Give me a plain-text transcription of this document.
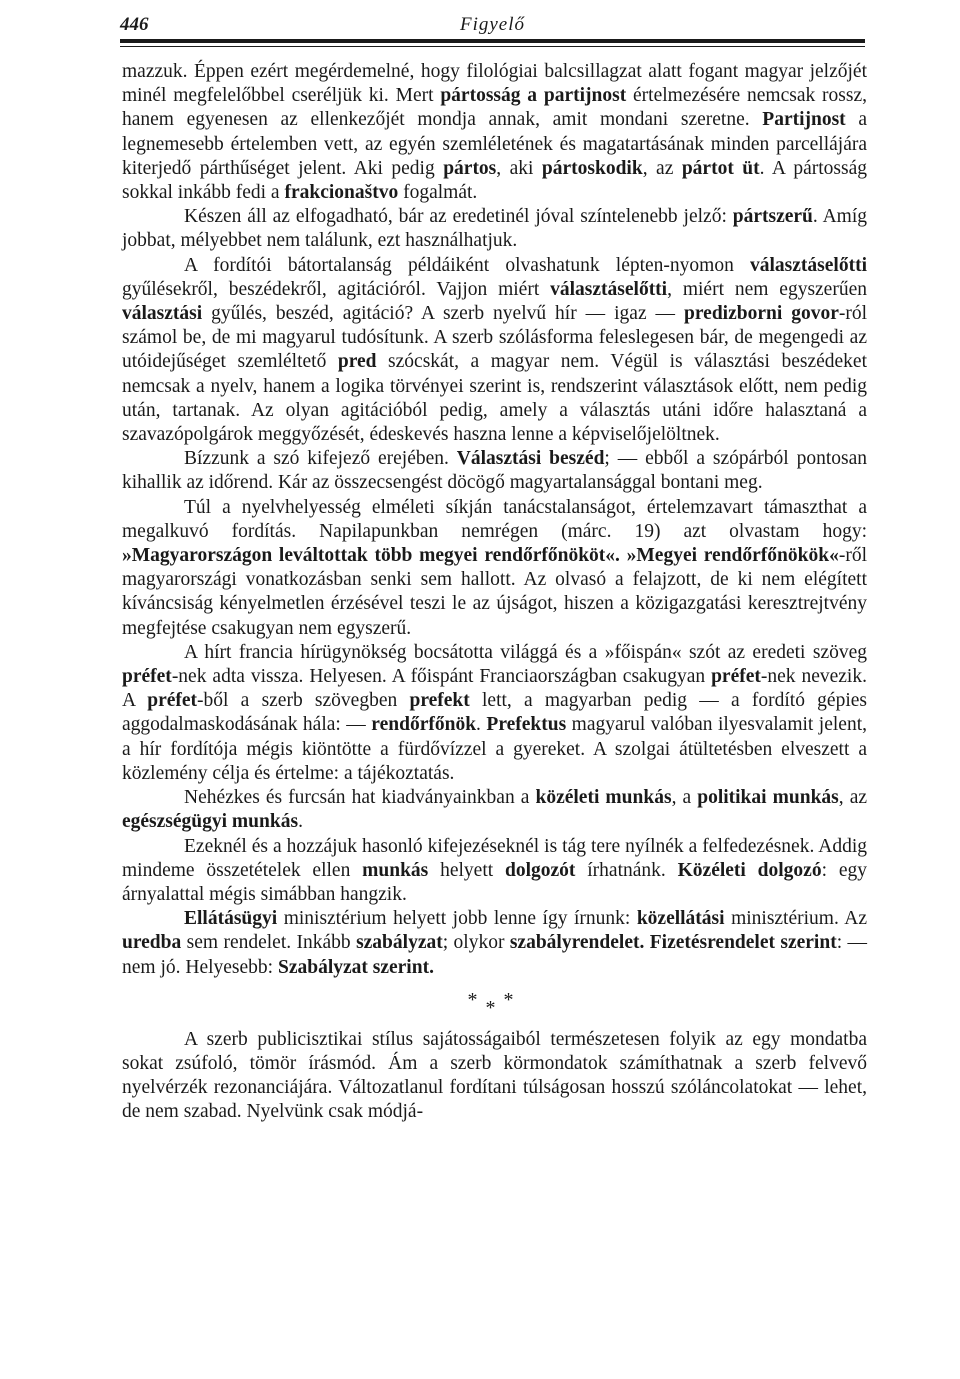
446	Figyelő

mazzuk. Éppen ezért megérdemelné, hogy filológiai balcsillagzat alatt fogant magyar jelzőjét minél megfelelőbbel cseréljük ki. Mert pártosság a partijnost értelmezésére nemcsak rossz, hanem egyenesen az ellenkezőjét mondja annak, amit mondani szeretne. Partijnost a legnemesebb értelemben vett, az egyén szemléletének és magatartásának minden parcellájára kiterjedő párthűséget jelent. Aki pedig pártos, aki pártoskodik, az pártot üt. A pártosság sokkal inkább fedi a frakcionaštvo fogalmát.

Készen áll az elfogadható, bár az eredetinél jóval színtelenebb jelző: pártszerű. Amíg jobbat, mélyebbet nem találunk, ezt használhatjuk.

A fordítói bátortalanság példáiként olvashatunk lépten-nyomon választáselőtti gyűlésekről, beszédekről, agitációról. Vajjon miért választáselőtti, miért nem egyszerűen választási gyűlés, beszéd, agitáció? A szerb nyelvű hír — igaz — predizborni govor-ról számol be, de mi magyarul tudósítunk. A szerb szólásforma feleslegesen bár, de megengedi az utóidejűséget szemléltető pred szócskát, a magyar nem. Végül is választási beszédeket nemcsak a nyelv, hanem a logika törvényei szerint is, rendszerint választások előtt, nem pedig után, tartanak. Az olyan agitációból pedig, amely a választás utáni időre halasztaná a szavazópolgárok meggyőzését, édeskevés haszna lenne a képviselőjelöltnek.

Bízzunk a szó kifejező erejében. Választási beszéd; — ebből a szópárból pontosan kihallik az időrend. Kár az összecsengést döcögő magyartalansággal bontani meg.

Túl a nyelvhelyesség elméleti síkján tanácstalanságot, értelemzavart támaszthat a megalkuvó fordítás. Napilapunkban nemrégen (márc. 19) azt olvastam hogy: »Magyarországon leváltottak több megyei rendőrfőnököt«. »Megyei rendőrfőnökök«-ről magyarországi vonatkozásban senki sem hallott. Az olvasó a felajzott, de ki nem elégített kíváncsiság kényelmetlen érzésével teszi le az újságot, hiszen a közigazgatási keresztrejtvény megfejtése csakugyan nem egyszerű.

A hírt francia hírügynökség bocsátotta világgá és a »főispán« szót az eredeti szöveg préfet-nek adta vissza. Helyesen. A főispánt Franciaországban csakugyan préfet-nek nevezik. A préfet-ből a szerb szövegben prefekt lett, a magyarban pedig — a fordító gépies aggodalmaskodásának hála: — rendőrfőnök. Prefektus magyarul valóban ilyesvalamit jelent, a hír fordítója mégis kiöntötte a fürdővízzel a gyereket. A szolgai átültetésben elveszett a közlemény célja és értelme: a tájékoztatás.

Nehézkes és furcsán hat kiadványainkban a közéleti munkás, a politikai munkás, az egészségügyi munkás.

Ezeknél és a hozzájuk hasonló kifejezéseknél is tág tere nyílnék a felfedezésnek. Addig mindeme összetételek ellen munkás helyett dolgozót írhatnánk. Közéleti dolgozó: egy árnyalattal mégis simábban hangzik.

Ellátásügyi minisztérium helyett jobb lenne így írnunk: közellátási minisztérium. Az uredba sem rendelet. Inkább szabályzat; olykor szabályrendelet. Fizetésrendelet szerint: — nem jó. Helyesebb: Szabályzat szerint.

***

A szerb publicisztikai stílus sajátosságaiból természetesen folyik az egy mondatba sokat zsúfoló, tömör írásmód. Ám a szerb körmondatok számíthatnak a szerb felvevő nyelvérzék rezonanciájára. Változatlanul fordítani túlságosan hosszú szóláncolatokat — lehet, de nem szabad. Nyelvünk csak módjá-
